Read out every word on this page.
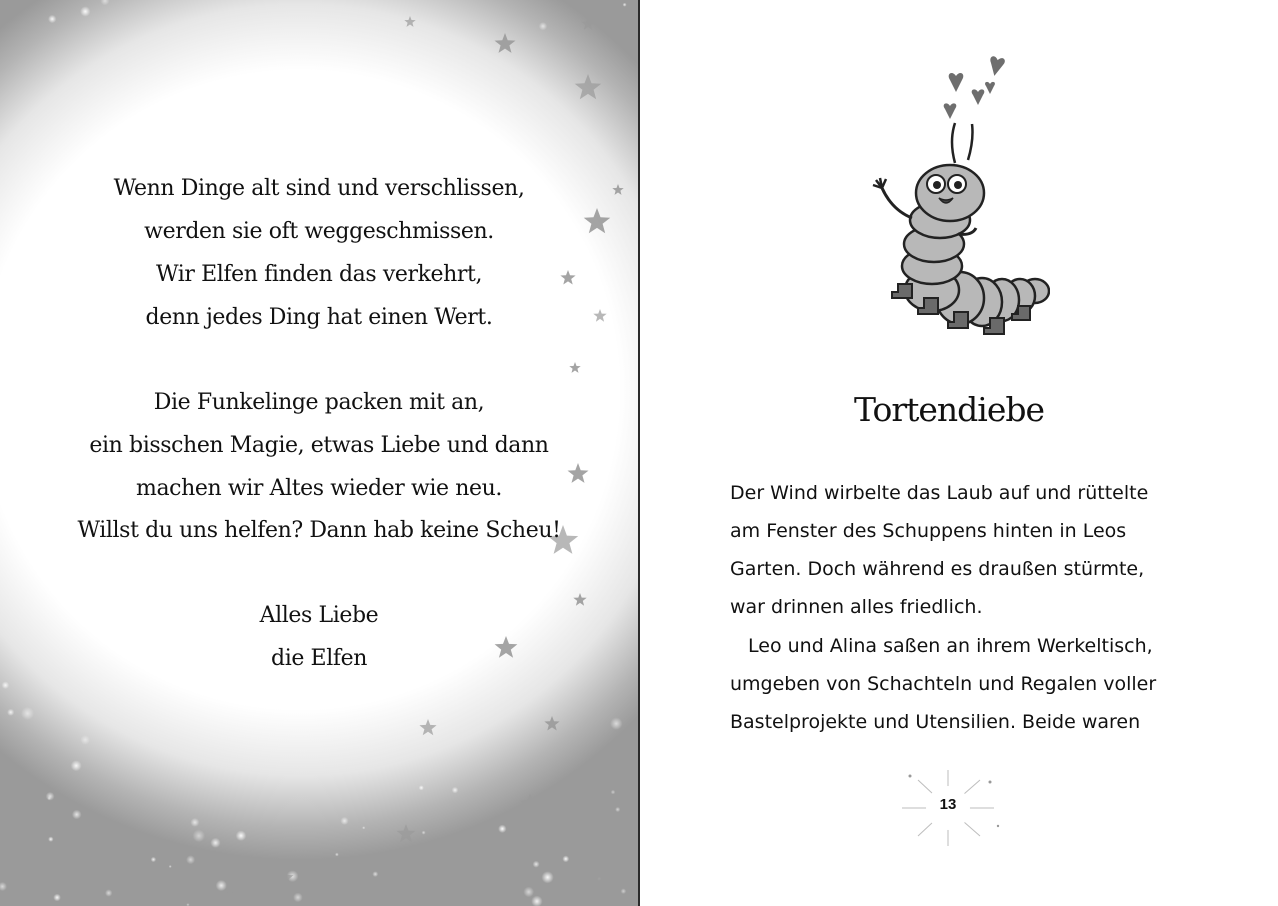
Wenn Dinge alt sind und verschlissen,
werden sie oft weggeschmissen.
Wir Elfen finden das verkehrt,
denn jedes Ding hat einen Wert.
Die Funkelinge packen mit an,
ein bisschen Magie, etwas Liebe und dann
machen wir Altes wieder wie neu.
Willst du uns helfen? Dann hab keine Scheu!
Alles Liebe
die Elfen
Tortendiebe
Der Wind wirbelte das Laub auf und rüttelte
am Fenster des Schuppens hinten in Leos
Garten. Doch während es draußen stürmte,
war drinnen alles friedlich.
Leo und Alina saßen an ihrem Werkeltisch,
umgeben von Schachteln und Regalen voller
Bastelprojekte und Utensilien. Beide waren
13
